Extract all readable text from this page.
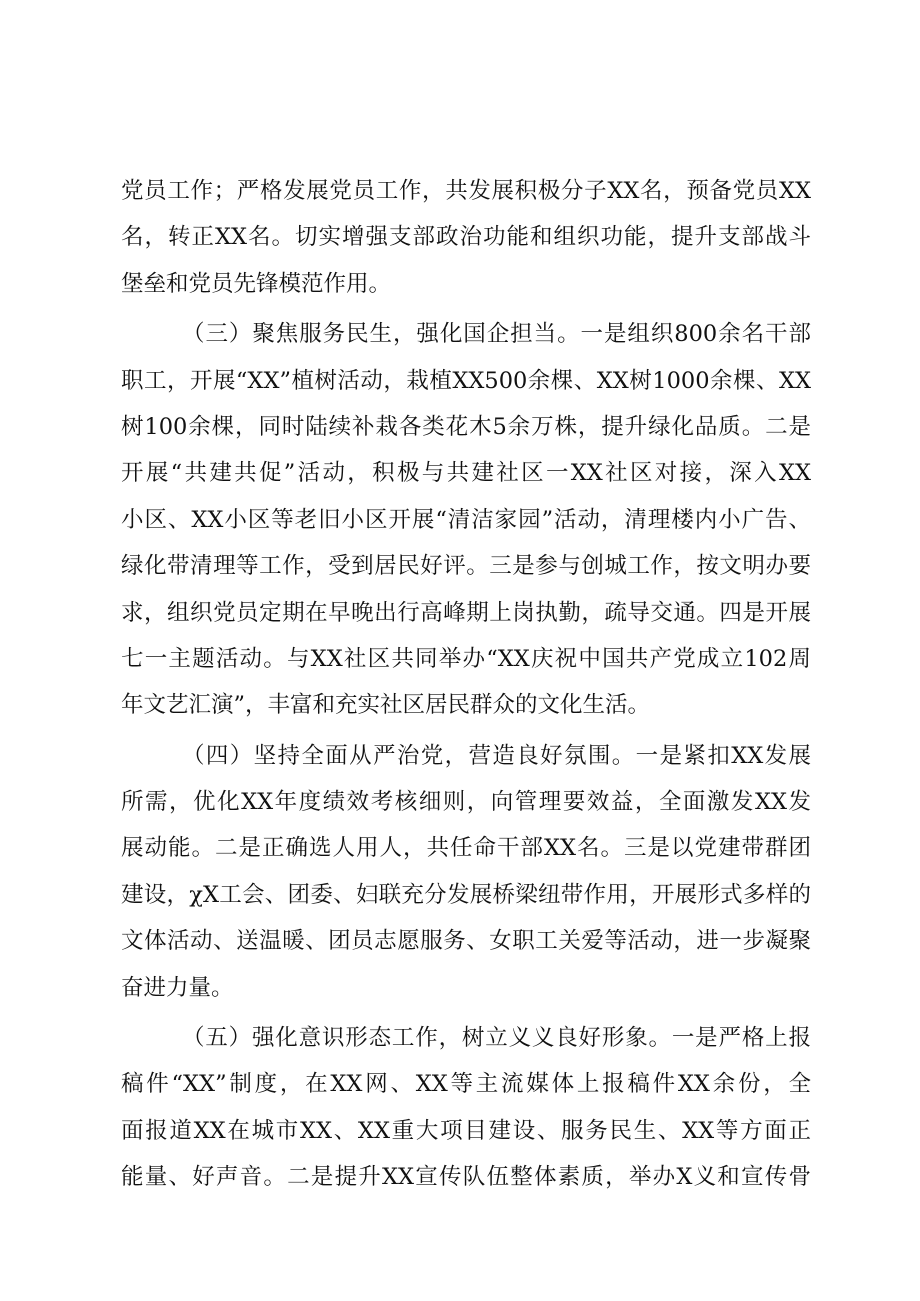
党员工作；严格发展党员工作，共发展积极分子XX名，预备党员XX
名，转正XX名。切实增强支部政治功能和组织功能，提升支部战斗
堡垒和党员先锋模范作用。
（三）聚焦服务民生，强化国企担当。一是组织800余名干部
职工，开展“XX”植树活动，栽植XX500余棵、XX树1000余棵、XX
树100余棵，同时陆续补栽各类花木5余万株，提升绿化品质。二是
开展“共建共促”活动，积极与共建社区一XX社区对接，深入XX
小区、XX小区等老旧小区开展“清洁家园”活动，清理楼内小广告、
绿化带清理等工作，受到居民好评。三是参与创城工作，按文明办要
求，组织党员定期在早晚出行高峰期上岗执勤，疏导交通。四是开展
七一主题活动。与XX社区共同举办“XX庆祝中国共产党成立102周
年文艺汇演”，丰富和充实社区居民群众的文化生活。
（四）坚持全面从严治党，营造良好氛围。一是紧扣XX发展
所需，优化XX年度绩效考核细则，向管理要效益，全面激发XX发
展动能。二是正确选人用人，共任命干部XX名。三是以党建带群团
建设，χX工会、团委、妇联充分发展桥梁纽带作用，开展形式多样的
文体活动、送温暖、团员志愿服务、女职工关爱等活动，进一步凝聚
奋进力量。
（五）强化意识形态工作，树立义义良好形象。一是严格上报
稿件“XX”制度，在XX网、XX等主流媒体上报稿件XX余份，全
面报道XX在城市XX、XX重大项目建设、服务民生、XX等方面正
能量、好声音。二是提升XX宣传队伍整体素质，举办X义和宣传骨
